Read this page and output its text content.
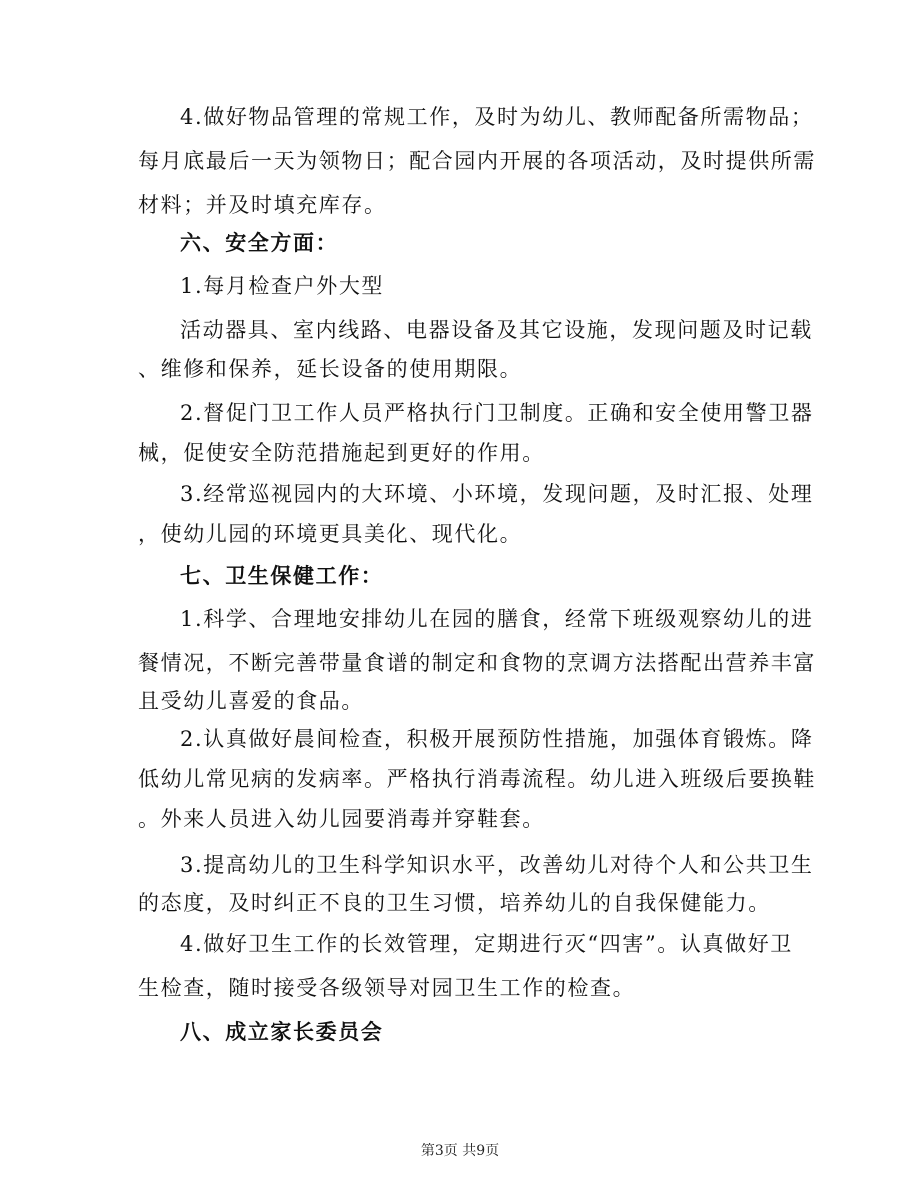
4.做好物品管理的常规工作，及时为幼儿、教师配备所需物品；
每月底最后一天为领物日；配合园内开展的各项活动，及时提供所需
材料；并及时填充库存。
六、安全方面：
1.每月检查户外大型
活动器具、室内线路、电器设备及其它设施，发现问题及时记载
、维修和保养，延长设备的使用期限。
2.督促门卫工作人员严格执行门卫制度。正确和安全使用警卫器
械，促使安全防范措施起到更好的作用。
3.经常巡视园内的大环境、小环境，发现问题，及时汇报、处理
，使幼儿园的环境更具美化、现代化。
七、卫生保健工作：
1.科学、合理地安排幼儿在园的膳食，经常下班级观察幼儿的进
餐情况，不断完善带量食谱的制定和食物的烹调方法搭配出营养丰富
且受幼儿喜爱的食品。
2.认真做好晨间检查，积极开展预防性措施，加强体育锻炼。降
低幼儿常见病的发病率。严格执行消毒流程。幼儿进入班级后要换鞋
。外来人员进入幼儿园要消毒并穿鞋套。
3.提高幼儿的卫生科学知识水平，改善幼儿对待个人和公共卫生
的态度，及时纠正不良的卫生习惯，培养幼儿的自我保健能力。
4.做好卫生工作的长效管理，定期进行灭“四害”。认真做好卫
生检查，随时接受各级领导对园卫生工作的检查。
八、成立家长委员会
第3页 共9页
